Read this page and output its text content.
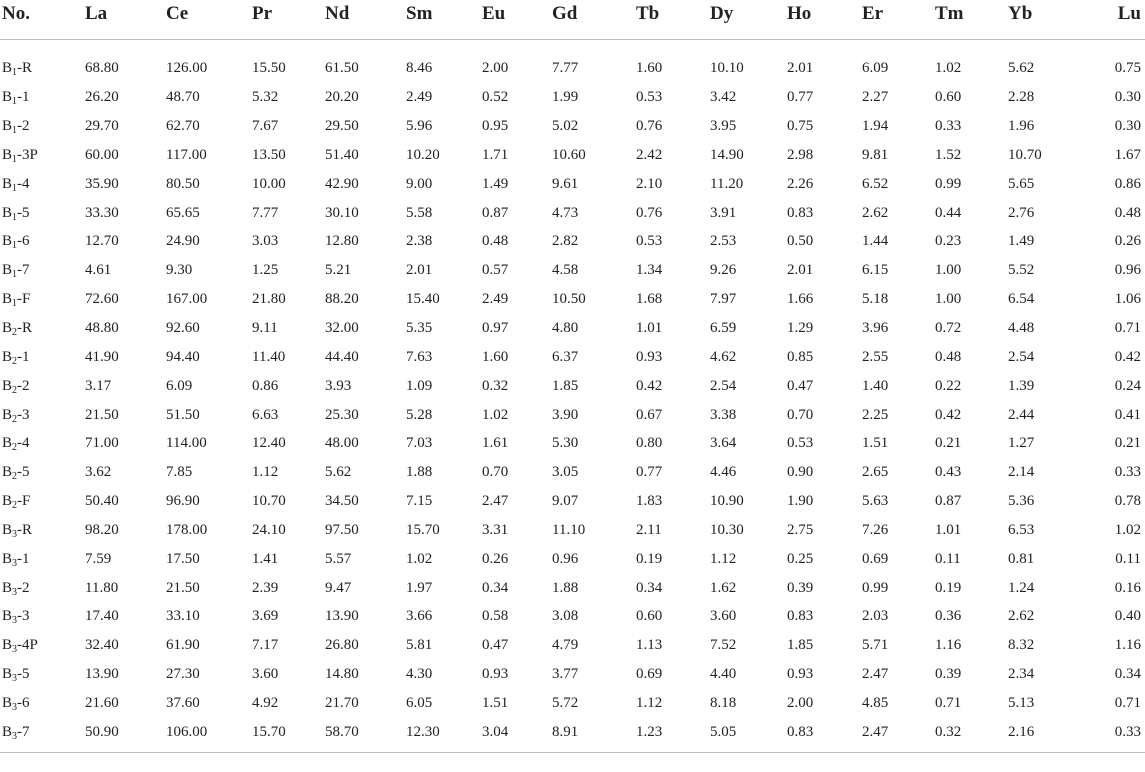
No.	La	Ce	Pr	Nd	Sm	Eu	Gd	Tb	Dy	Ho	Er	Tm	Yb	Lu
$B_1-R$	68.80	126.00	15.50	61.50	8.46	2.00	7.77	1.60	10.10	2.01	6.09	1.02	5.62	0.75
$B_1-1$	26.20	48.70	5.32	20.20	2.49	0.52	1.99	0.53	3.42	0.77	2.27	0.60	2.28	0.30
$B_1-2$	29.70	62.70	7.67	29.50	5.96	0.95	5.02	0.76	3.95	0.75	1.94	0.33	1.96	0.30
$B_1-3P$	60.00	117.00	13.50	51.40	10.20	1.71	10.60	2.42	14.90	2.98	9.81	1.52	10.70	1.67
$B_1-4$	35.90	80.50	10.00	42.90	9.00	1.49	9.61	2.10	11.20	2.26	6.52	0.99	5.65	0.86
$B_1-5$	33.30	65.65	7.77	30.10	5.58	0.87	4.73	0.76	3.91	0.83	2.62	0.44	2.76	0.48
$B_1-6$	12.70	24.90	3.03	12.80	2.38	0.48	2.82	0.53	2.53	0.50	1.44	0.23	1.49	0.26
$B_1-7$	4.61	9.30	1.25	5.21	2.01	0.57	4.58	1.34	9.26	2.01	6.15	1.00	5.52	0.96
$B_1-F$	72.60	167.00	21.80	88.20	15.40	2.49	10.50	1.68	7.97	1.66	5.18	1.00	6.54	1.06
$B_2-R$	48.80	92.60	9.11	32.00	5.35	0.97	4.80	1.01	6.59	1.29	3.96	0.72	4.48	0.71
$B_2-1$	41.90	94.40	11.40	44.40	7.63	1.60	6.37	0.93	4.62	0.85	2.55	0.48	2.54	0.42
$B_2-2$	3.17	6.09	0.86	3.93	1.09	0.32	1.85	0.42	2.54	0.47	1.40	0.22	1.39	0.24
$B_2-3$	21.50	51.50	6.63	25.30	5.28	1.02	3.90	0.67	3.38	0.70	2.25	0.42	2.44	0.41
$B_2-4$	71.00	114.00	12.40	48.00	7.03	1.61	5.30	0.80	3.64	0.53	1.51	0.21	1.27	0.21
$B_2-5$	3.62	7.85	1.12	5.62	1.88	0.70	3.05	0.77	4.46	0.90	2.65	0.43	2.14	0.33
$B_2-F$	50.40	96.90	10.70	34.50	7.15	2.47	9.07	1.83	10.90	1.90	5.63	0.87	5.36	0.78
$B_3-R$	98.20	178.00	24.10	97.50	15.70	3.31	11.10	2.11	10.30	2.75	7.26	1.01	6.53	1.02
$B_3-1$	7.59	17.50	1.41	5.57	1.02	0.26	0.96	0.19	1.12	0.25	0.69	0.11	0.81	0.11
$B_3-2$	11.80	21.50	2.39	9.47	1.97	0.34	1.88	0.34	1.62	0.39	0.99	0.19	1.24	0.16
$B_3-3$	17.40	33.10	3.69	13.90	3.66	0.58	3.08	0.60	3.60	0.83	2.03	0.36	2.62	0.40
$B_3-4P$	32.40	61.90	7.17	26.80	5.81	0.47	4.79	1.13	7.52	1.85	5.71	1.16	8.32	1.16
$B_3-5$	13.90	27.30	3.60	14.80	4.30	0.93	3.77	0.69	4.40	0.93	2.47	0.39	2.34	0.34
$B_3-6$	21.60	37.60	4.92	21.70	6.05	1.51	5.72	1.12	8.18	2.00	4.85	0.71	5.13	0.71
$B_3-7$	50.90	106.00	15.70	58.70	12.30	3.04	8.91	1.23	5.05	0.83	2.47	0.32	2.16	0.33
